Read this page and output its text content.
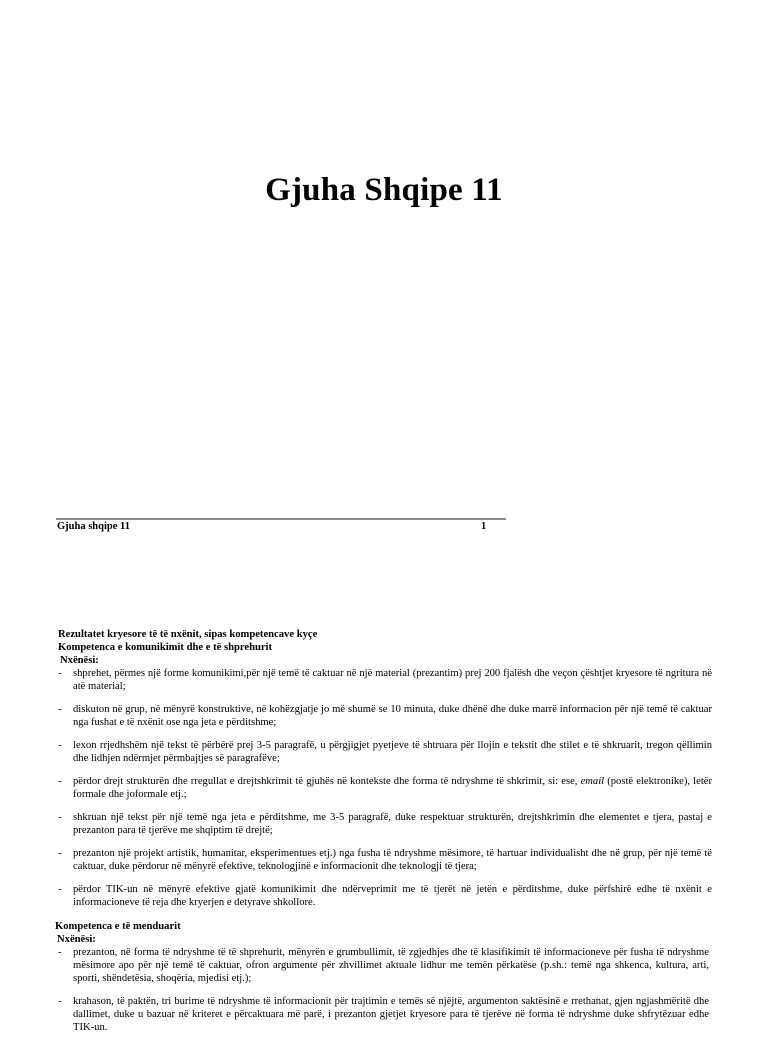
Gjuha Shqipe 11
Gjuha shqipe 11	1
Rezultatet kryesore të të nxënit, sipas kompetencave kyçe
Kompetenca e komunikimit dhe e të shprehurit
Nxënësi:
- shprehet, përmes një forme komunikimi,për një temë të caktuar në një material (prezantim) prej 200 fjalësh dhe veçon çështjet kryesore të ngritura në atë material;
- diskuton në grup, në mënyrë konstruktive, në kohëzgjatje jo më shumë se 10 minuta, duke dhënë dhe duke marrë informacion për një temë të caktuar nga fushat e të nxënit ose nga jeta e përditshme;
- lexon rrjedhshëm një tekst të përbërë prej 3-5 paragrafë, u përgjigjet pyetjeve të shtruara për llojin e tekstit dhe stilet e të shkruarit, tregon qëllimin dhe lidhjen ndërmjet përmbajtjes së paragrafëve;
- përdor drejt strukturën dhe rregullat e drejtshkrimit të gjuhës në kontekste dhe forma të ndryshme të shkrimit, si: ese, email (postë elektronike), letër formale dhe joformale etj.;
- shkruan një tekst për një temë nga jeta e përditshme, me 3-5 paragrafë, duke respektuar strukturën, drejtshkrimin dhe elementet e tjera, pastaj e prezanton para të tjerëve me shqiptim të drejtë;
- prezanton një projekt artistik, humanitar, eksperimentues etj.) nga fusha të ndryshme mësimore, të hartuar individualisht dhe në grup, për një temë të caktuar, duke përdorur në mënyrë efektive, teknologjinë e informacionit dhe teknologji të tjera;
- përdor TIK-un në mënyrë efektive gjatë komunikimit dhe ndërveprimit me të tjerët në jetën e përditshme, duke përfshirë edhe të nxënit e informacioneve të reja dhe kryerjen e detyrave shkollore.
Kompetenca e të menduarit
Nxënësi:
- prezanton, në forma të ndryshme të të shprehurit, mënyrën e grumbullimit, të zgjedhjes dhe të klasifikimit të informacioneve për fusha të ndryshme mësimore apo për një temë të caktuar, ofron argumente për zhvillimet aktuale lidhur me temën përkatëse (p.sh.: temë nga shkenca, kultura, arti, sporti, shëndetësia, shoqëria, mjedisi etj.);
- krahason, të paktën, tri burime të ndryshme të informacionit për trajtimin e temës së njëjtë, argumenton saktësinë e rrethanat, gjen ngjashmëritë dhe dallimet, duke u bazuar në kriteret e përcaktuara më parë, i prezanton gjetjet kryesore para të tjerëve në forma të ndryshme duke shfrytëzuar edhe TIK-un.
